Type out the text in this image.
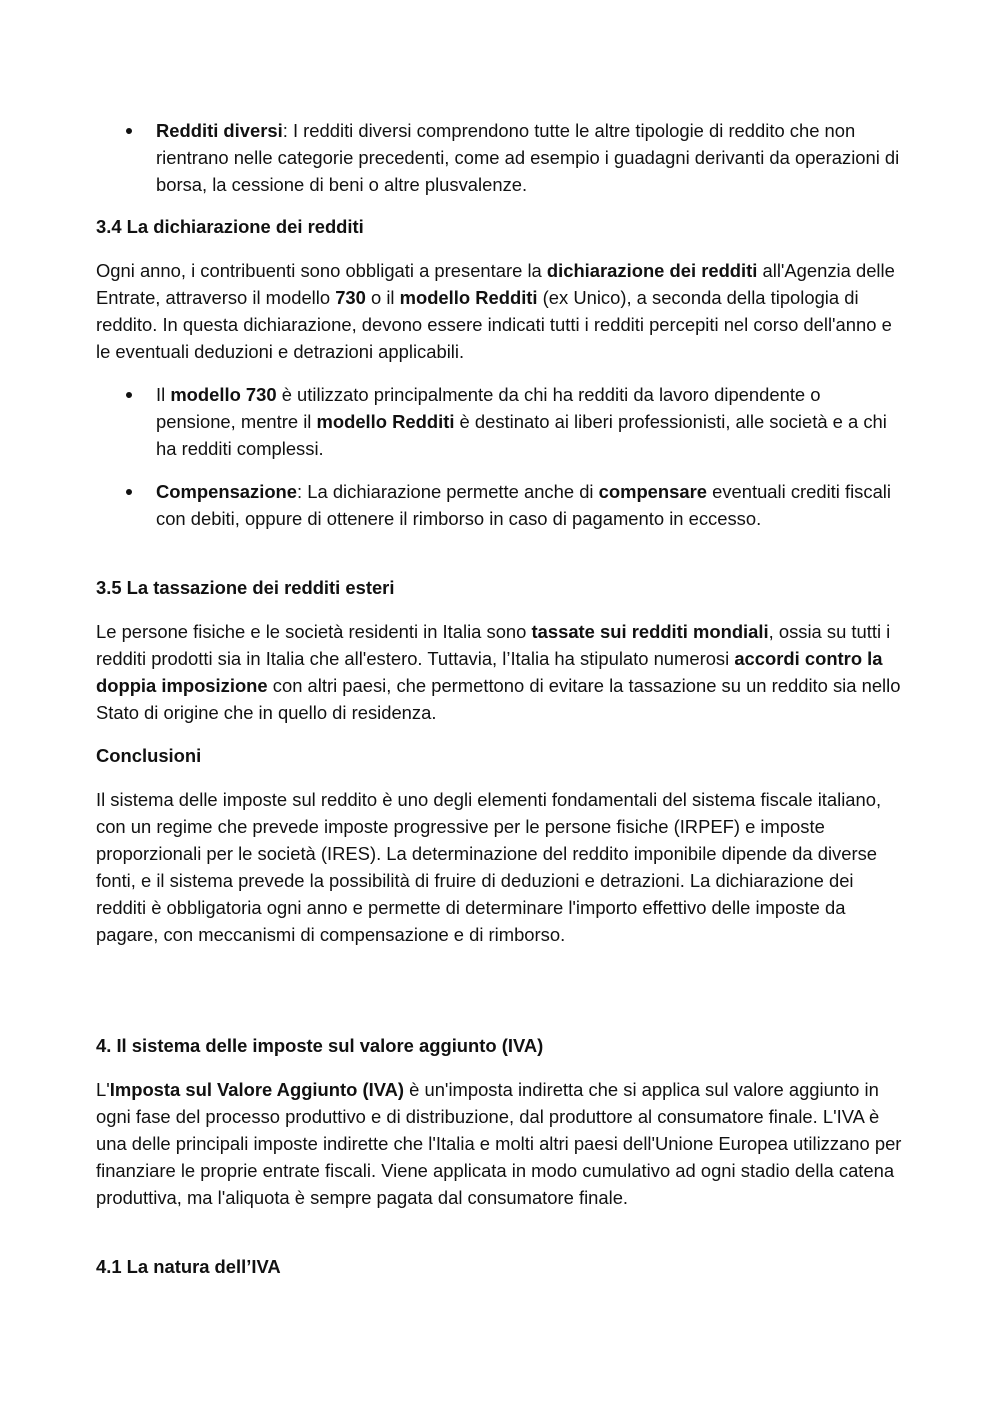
Redditi diversi: I redditi diversi comprendono tutte le altre tipologie di reddito che non rientrano nelle categorie precedenti, come ad esempio i guadagni derivanti da operazioni di borsa, la cessione di beni o altre plusvalenze.
3.4 La dichiarazione dei redditi

Ogni anno, i contribuenti sono obbligati a presentare la dichiarazione dei redditi all'Agenzia delle Entrate, attraverso il modello 730 o il modello Redditi (ex Unico), a seconda della tipologia di reddito. In questa dichiarazione, devono essere indicati tutti i redditi percepiti nel corso dell'anno e le eventuali deduzioni e detrazioni applicabili.

Il modello 730 è utilizzato principalmente da chi ha redditi da lavoro dipendente o pensione, mentre il modello Redditi è destinato ai liberi professionisti, alle società e a chi ha redditi complessi.
Compensazione: La dichiarazione permette anche di compensare eventuali crediti fiscali con debiti, oppure di ottenere il rimborso in caso di pagamento in eccesso.
3.5 La tassazione dei redditi esteri

Le persone fisiche e le società residenti in Italia sono tassate sui redditi mondiali, ossia su tutti i redditi prodotti sia in Italia che all'estero. Tuttavia, l’Italia ha stipulato numerosi accordi contro la doppia imposizione con altri paesi, che permettono di evitare la tassazione su un reddito sia nello Stato di origine che in quello di residenza.

Conclusioni

Il sistema delle imposte sul reddito è uno degli elementi fondamentali del sistema fiscale italiano, con un regime che prevede imposte progressive per le persone fisiche (IRPEF) e imposte proporzionali per le società (IRES). La determinazione del reddito imponibile dipende da diverse fonti, e il sistema prevede la possibilità di fruire di deduzioni e detrazioni. La dichiarazione dei redditi è obbligatoria ogni anno e permette di determinare l'importo effettivo delle imposte da pagare, con meccanismi di compensazione e di rimborso.

4. Il sistema delle imposte sul valore aggiunto (IVA)

L'Imposta sul Valore Aggiunto (IVA) è un'imposta indiretta che si applica sul valore aggiunto in ogni fase del processo produttivo e di distribuzione, dal produttore al consumatore finale. L'IVA è una delle principali imposte indirette che l'Italia e molti altri paesi dell'Unione Europea utilizzano per finanziare le proprie entrate fiscali. Viene applicata in modo cumulativo ad ogni stadio della catena produttiva, ma l'aliquota è sempre pagata dal consumatore finale.

4.1 La natura dell’IVA
